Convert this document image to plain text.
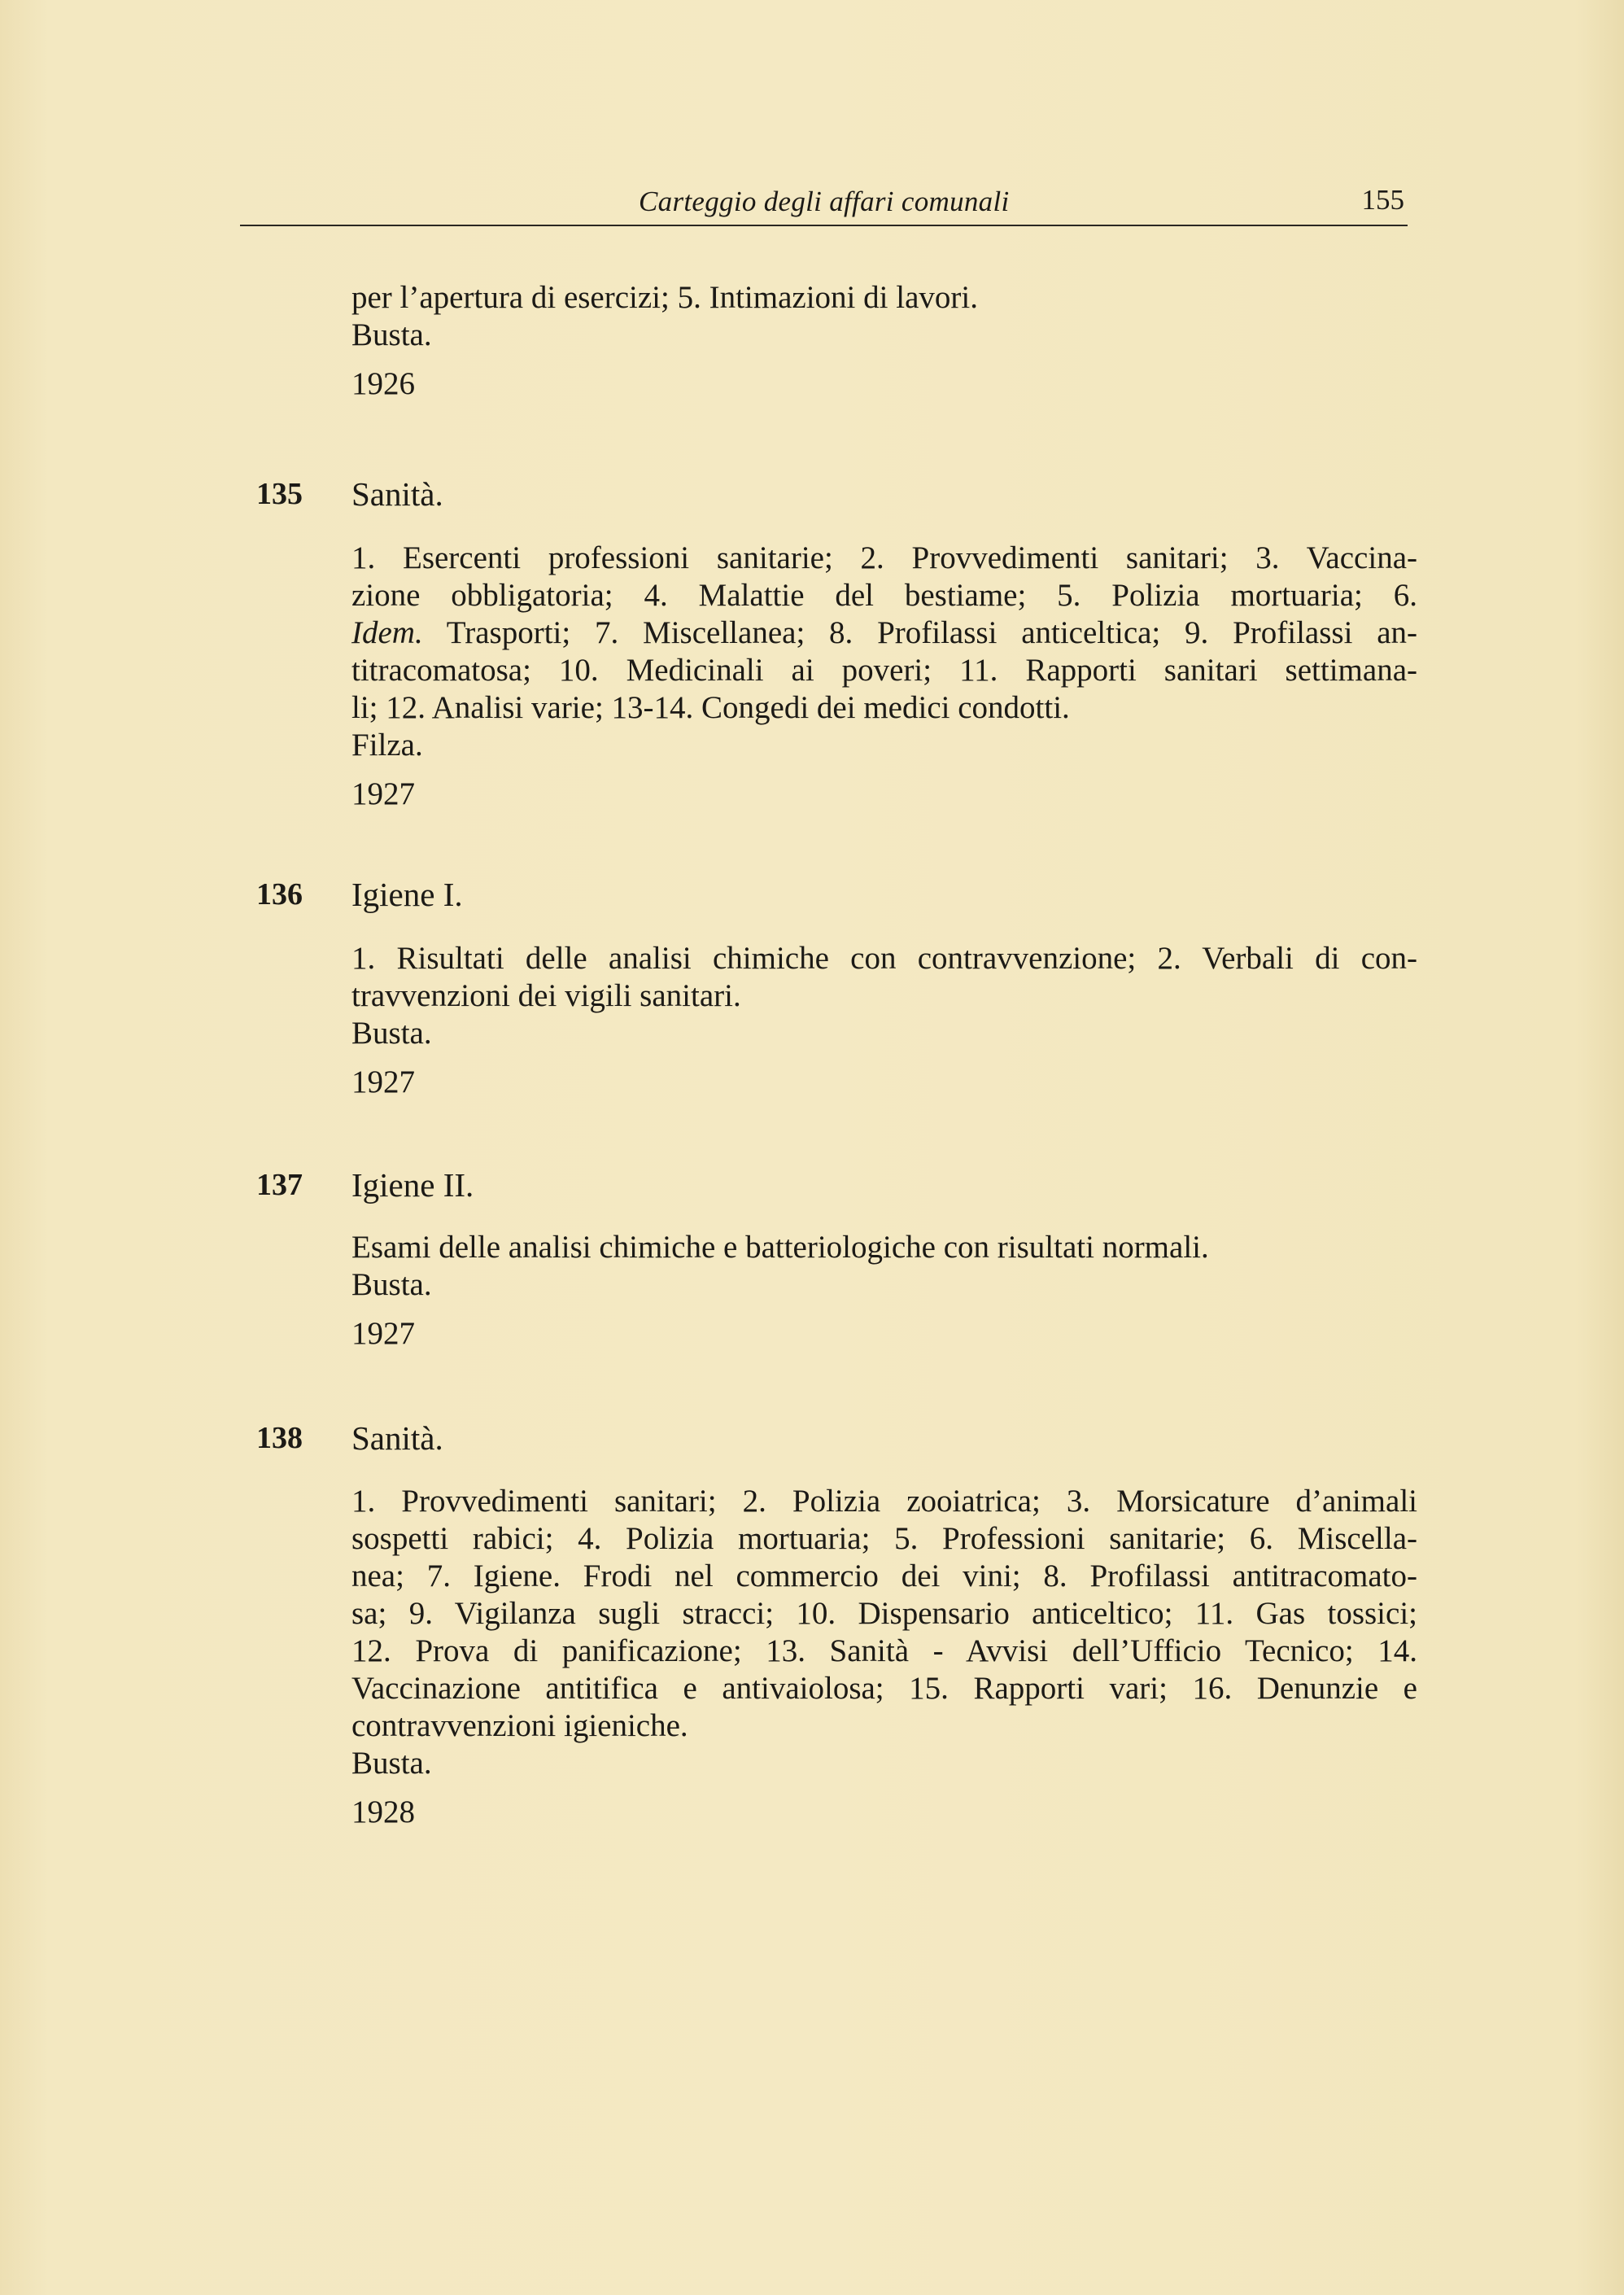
Carteggio degli affari comunali	155
per l’apertura di esercizi; 5. Intimazioni di lavori.
Busta.
1926
135 Sanità.
1. Esercenti professioni sanitarie; 2. Provvedimenti sanitari; 3. Vaccina-
zione obbligatoria; 4. Malattie del bestiame; 5. Polizia mortuaria; 6.
Idem. Trasporti; 7. Miscellanea; 8. Profilassi anticeltica; 9. Profilassi an-
titracomatosa; 10. Medicinali ai poveri; 11. Rapporti sanitari settimana-
li; 12. Analisi varie; 13-14. Congedi dei medici condotti.
Filza.
1927
136 Igiene I.
1. Risultati delle analisi chimiche con contravvenzione; 2. Verbali di con-
travvenzioni dei vigili sanitari.
Busta.
1927
137 Igiene II.
Esami delle analisi chimiche e batteriologiche con risultati normali.
Busta.
1927
138 Sanità.
1. Provvedimenti sanitari; 2. Polizia zooiatrica; 3. Morsicature d’animali
sospetti rabici; 4. Polizia mortuaria; 5. Professioni sanitarie; 6. Miscella-
nea; 7. Igiene. Frodi nel commercio dei vini; 8. Profilassi antitracomato-
sa; 9. Vigilanza sugli stracci; 10. Dispensario anticeltico; 11. Gas tossici;
12. Prova di panificazione; 13. Sanità - Avvisi dell’Ufficio Tecnico; 14.
Vaccinazione antitifica e antivaiolosa; 15. Rapporti vari; 16. Denunzie e
contravvenzioni igieniche.
Busta.
1928
